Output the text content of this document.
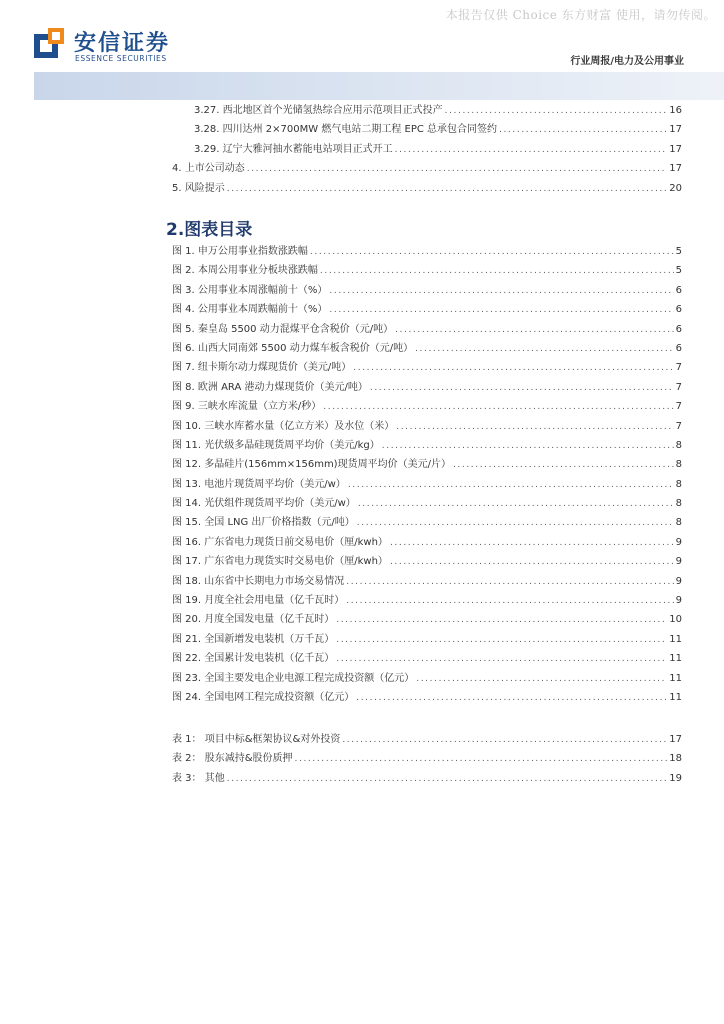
本报告仅供 Choice 东方财富 使用，请勿传阅。
安信证券
ESSENCE SECURITIES	行业周报/电力及公用事业
3.27. 西北地区首个光储氢热综合应用示范项目正式投产 .....	16
3.28. 四川达州 2×700MW 燃气电站二期工程 EPC 总承包合同签约 .....	17
3.29. 辽宁大雅河抽水蓄能电站项目正式开工 .....	17
4. 上市公司动态 .....	17
5. 风险提示 .....	20
2.图表目录
图 1. 申万公用事业指数涨跌幅 .....	5
图 2. 本周公用事业分板块涨跌幅 .....	5
图 3. 公用事业本周涨幅前十（%） .....	6
图 4. 公用事业本周跌幅前十（%） .....	6
图 5. 秦皇岛 5500 动力混煤平仓含税价（元/吨） .....	6
图 6. 山西大同南郊 5500 动力煤车板含税价（元/吨） .....	6
图 7. 纽卡斯尔动力煤现货价（美元/吨） .....	7
图 8. 欧洲 ARA 港动力煤现货价（美元/吨） .....	7
图 9. 三峡水库流量（立方米/秒） .....	7
图 10. 三峡水库蓄水量（亿立方米）及水位（米） .....	7
图 11. 光伏级多晶硅现货周平均价（美元/kg） .....	8
图 12. 多晶硅片(156mm×156mm)现货周平均价（美元/片） .....	8
图 13. 电池片现货周平均价（美元/w） .....	8
图 14. 光伏组件现货周平均价（美元/w） .....	8
图 15. 全国 LNG 出厂价格指数（元/吨） .....	8
图 16. 广东省电力现货日前交易电价（厘/kwh） .....	9
图 17. 广东省电力现货实时交易电价（厘/kwh） .....	9
图 18. 山东省中长期电力市场交易情况 .....	9
图 19. 月度全社会用电量（亿千瓦时） .....	9
图 20. 月度全国发电量（亿千瓦时） .....	10
图 21. 全国新增发电装机（万千瓦） .....	11
图 22. 全国累计发电装机（亿千瓦） .....	11
图 23. 全国主要发电企业电源工程完成投资额（亿元） .....	11
图 24. 全国电网工程完成投资额（亿元） .....	11
表 1： 项目中标&框架协议&对外投资 .....	17
表 2： 股东减持&股份质押 .....	18
表 3： 其他 .....	19
